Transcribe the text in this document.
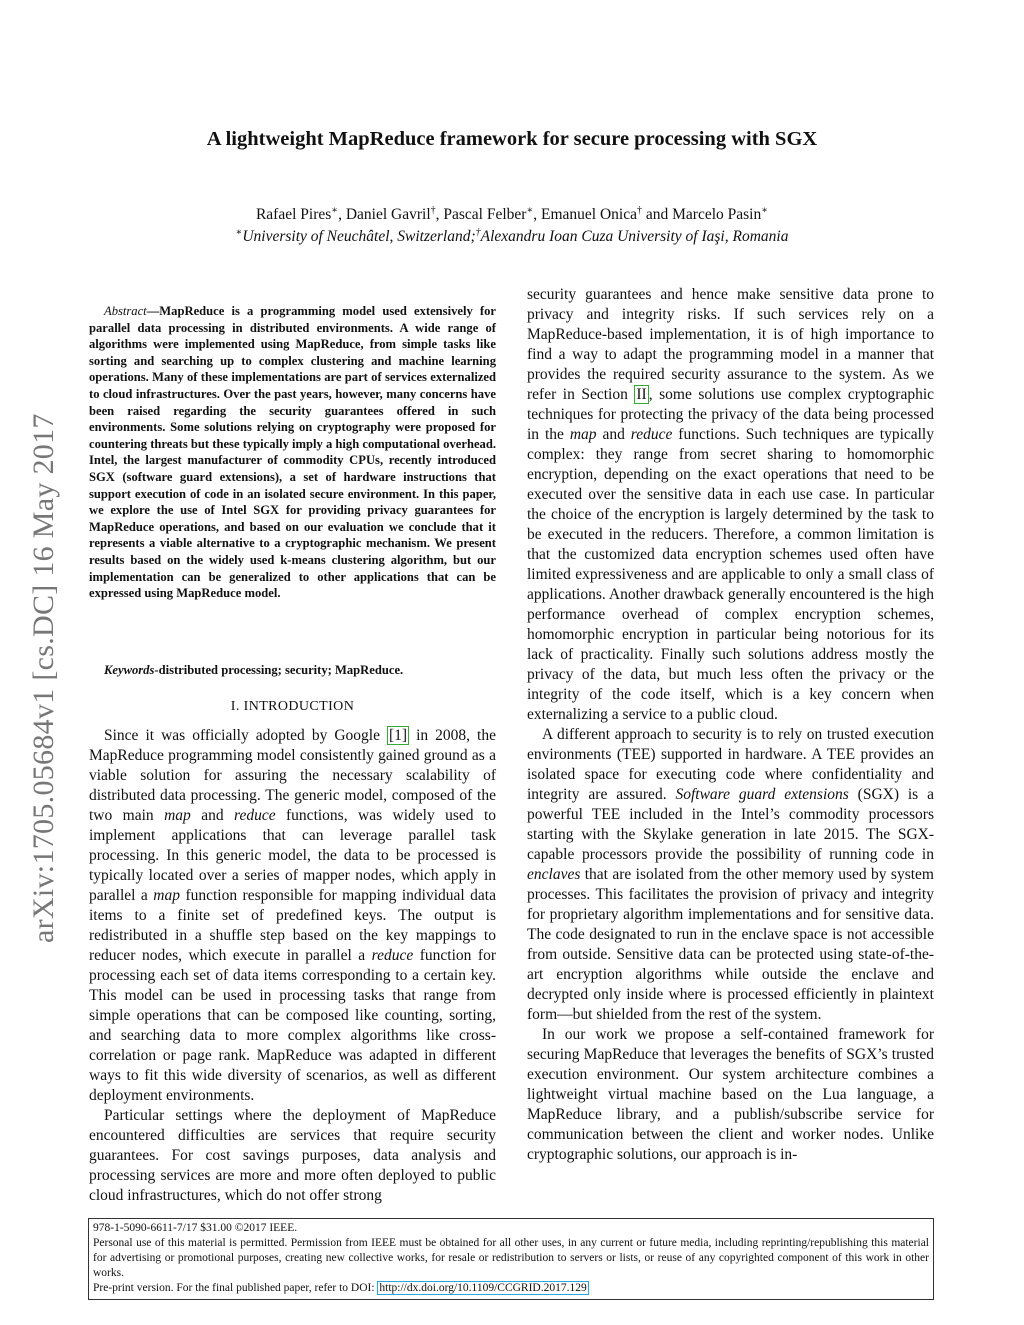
arXiv:1705.05684v1 [cs.DC] 16 May 2017
A lightweight MapReduce framework for secure processing with SGX
Rafael Pires∗, Daniel Gavril†, Pascal Felber∗, Emanuel Onica† and Marcelo Pasin∗
∗University of Neuchâtel, Switzerland;†Alexandru Ioan Cuza University of Iaşi, Romania
Abstract—MapReduce is a programming model used extensively for parallel data processing in distributed environments. A wide range of algorithms were implemented using MapReduce, from simple tasks like sorting and searching up to complex clustering and machine learning operations. Many of these implementations are part of services externalized to cloud infrastructures. Over the past years, however, many concerns have been raised regarding the security guarantees offered in such environments. Some solutions relying on cryptography were proposed for countering threats but these typically imply a high computational overhead. Intel, the largest manufacturer of commodity CPUs, recently introduced SGX (software guard extensions), a set of hardware instructions that support execution of code in an isolated secure environment. In this paper, we explore the use of Intel SGX for providing privacy guarantees for MapReduce operations, and based on our evaluation we conclude that it represents a viable alternative to a cryptographic mechanism. We present results based on the widely used k-means clustering algorithm, but our implementation can be generalized to other applications that can be expressed using MapReduce model.
Keywords-distributed processing; security; MapReduce.
I. INTRODUCTION

Since it was officially adopted by Google [1] in 2008, the MapReduce programming model consistently gained ground as a viable solution for assuring the necessary scalability of distributed data processing. The generic model, composed of the two main map and reduce functions, was widely used to implement applications that can leverage parallel task processing. In this generic model, the data to be processed is typically located over a series of mapper nodes, which apply in parallel a map function responsible for mapping individual data items to a finite set of predefined keys. The output is redistributed in a shuffle step based on the key mappings to reducer nodes, which execute in parallel a reduce function for processing each set of data items corresponding to a certain key. This model can be used in processing tasks that range from simple operations that can be composed like counting, sorting, and searching data to more complex algorithms like cross-correlation or page rank. MapReduce was adapted in different ways to fit this wide diversity of scenarios, as well as different deployment environments.

Particular settings where the deployment of MapReduce encountered difficulties are services that require security guarantees. For cost savings purposes, data analysis and processing services are more and more often deployed to public cloud infrastructures, which do not offer strong

security guarantees and hence make sensitive data prone to privacy and integrity risks. If such services rely on a MapReduce-based implementation, it is of high importance to find a way to adapt the programming model in a manner that provides the required security assurance to the system. As we refer in Section II , some solutions use complex cryptographic techniques for protecting the privacy of the data being processed in the map and reduce functions. Such techniques are typically complex: they range from secret sharing to homomorphic encryption, depending on the exact operations that need to be executed over the sensitive data in each use case. In particular the choice of the encryption is largely determined by the task to be executed in the reducers. Therefore, a common limitation is that the customized data encryption schemes used often have limited expressiveness and are applicable to only a small class of applications. Another drawback generally encountered is the high performance overhead of complex encryption schemes, homomorphic encryption in particular being notorious for its lack of practicality. Finally such solutions address mostly the privacy of the data, but much less often the privacy or the integrity of the code itself, which is a key concern when externalizing a service to a public cloud.

A different approach to security is to rely on trusted execution environments (TEE) supported in hardware. A TEE provides an isolated space for executing code where confidentiality and integrity are assured. Software guard extensions (SGX) is a powerful TEE included in the Intel’s commodity processors starting with the Skylake generation in late 2015. The SGX-capable processors provide the possibility of running code in enclaves that are isolated from the other memory used by system processes. This facilitates the provision of privacy and integrity for proprietary algorithm implementations and for sensitive data. The code designated to run in the enclave space is not accessible from outside. Sensitive data can be protected using state-of-the-art encryption algorithms while outside the enclave and decrypted only inside where is processed efficiently in plaintext form—but shielded from the rest of the system.

In our work we propose a self-contained framework for securing MapReduce that leverages the benefits of SGX’s trusted execution environment. Our system architecture combines a lightweight virtual machine based on the Lua language, a MapReduce library, and a publish/subscribe service for communication between the client and worker nodes. Unlike cryptographic solutions, our approach is in-

978-1-5090-6611-7/17 $31.00 ©2017 IEEE.
Personal use of this material is permitted. Permission from IEEE must be obtained for all other uses, in any current or future media, including reprinting/republishing this material for advertising or promotional purposes, creating new collective works, for resale or redistribution to servers or lists, or reuse of any copyrighted component of this work in other works.
Pre-print version. For the final published paper, refer to DOI: http://dx.doi.org/10.1109/CCGRID.2017.129
